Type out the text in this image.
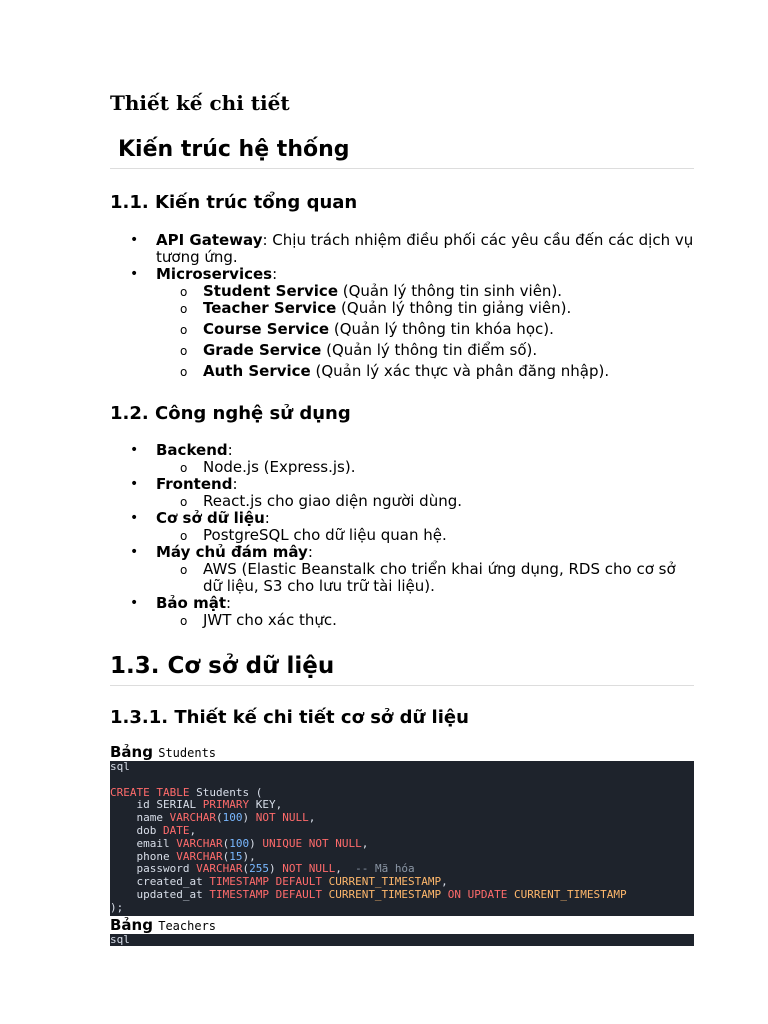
Thiết kế chi tiết
Kiến trúc hệ thống
1.1. Kiến trúc tổng quan
• API Gateway: Chịu trách nhiệm điều phối các yêu cầu đến các dịch vụ tương ứng.
• Microservices:
o Student Service (Quản lý thông tin sinh viên).
o Teacher Service (Quản lý thông tin giảng viên).
o Course Service (Quản lý thông tin khóa học).
o Grade Service (Quản lý thông tin điểm số).
o Auth Service (Quản lý xác thực và phân đăng nhập).
1.2. Công nghệ sử dụng
• Backend:
o Node.js (Express.js).
• Frontend:
o React.js cho giao diện người dùng.
• Cơ sở dữ liệu:
o PostgreSQL cho dữ liệu quan hệ.
• Máy chủ đám mây:
o AWS (Elastic Beanstalk cho triển khai ứng dụng, RDS cho cơ sở dữ liệu, S3 cho lưu trữ tài liệu).
• Bảo mật:
o JWT cho xác thực.
1.3. Cơ sở dữ liệu
1.3.1. Thiết kế chi tiết cơ sở dữ liệu

Bảng Students

sql

CREATE TABLE Students (
id SERIAL PRIMARY KEY,
name VARCHAR(100) NOT NULL,
dob DATE,
email VARCHAR(100) UNIQUE NOT NULL,
phone VARCHAR(15),
password VARCHAR(255) NOT NULL,  -- Mã hóa
created_at TIMESTAMP DEFAULT CURRENT_TIMESTAMP,
updated_at TIMESTAMP DEFAULT CURRENT_TIMESTAMP ON UPDATE CURRENT_TIMESTAMP
);

Bảng Teachers

sql
